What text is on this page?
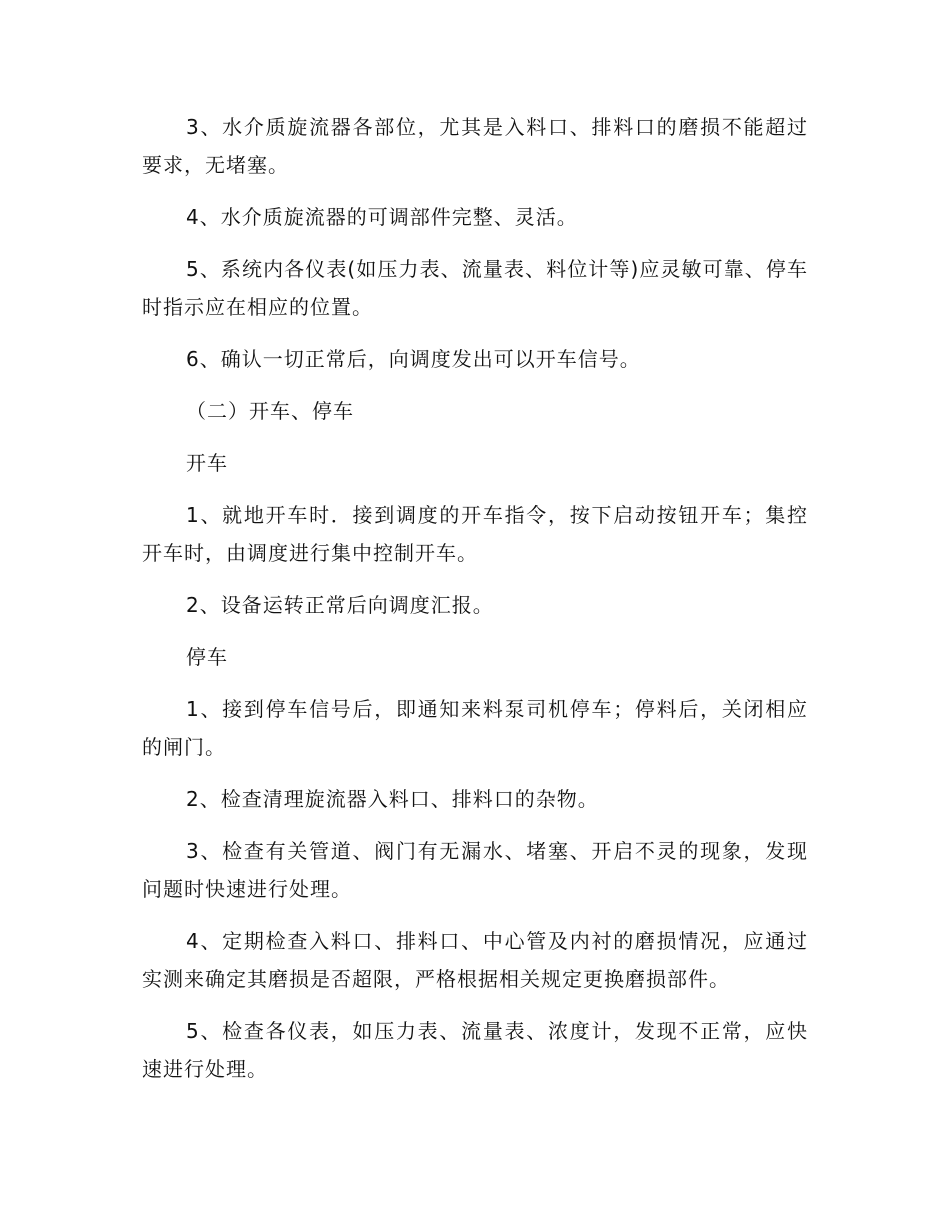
3、水介质旋流器各部位，尤其是入料口、排料口的磨损不能超过要求，无堵塞。

4、水介质旋流器的可调部件完整、灵活。

5、系统内各仪表(如压力表、流量表、料位计等)应灵敏可靠、停车时指示应在相应的位置。

6、确认一切正常后，向调度发出可以开车信号。

（二）开车、停车

开车

1、就地开车时．接到调度的开车指令，按下启动按钮开车；集控开车时，由调度进行集中控制开车。

2、设备运转正常后向调度汇报。

停车

1、接到停车信号后，即通知来料泵司机停车；停料后，关闭相应的闸门。

2、检查清理旋流器入料口、排料口的杂物。

3、检查有关管道、阀门有无漏水、堵塞、开启不灵的现象，发现问题时快速进行处理。

4、定期检查入料口、排料口、中心管及内衬的磨损情况，应通过实测来确定其磨损是否超限，严格根据相关规定更换磨损部件。

5、检查各仪表，如压力表、流量表、浓度计，发现不正常，应快速进行处理。
